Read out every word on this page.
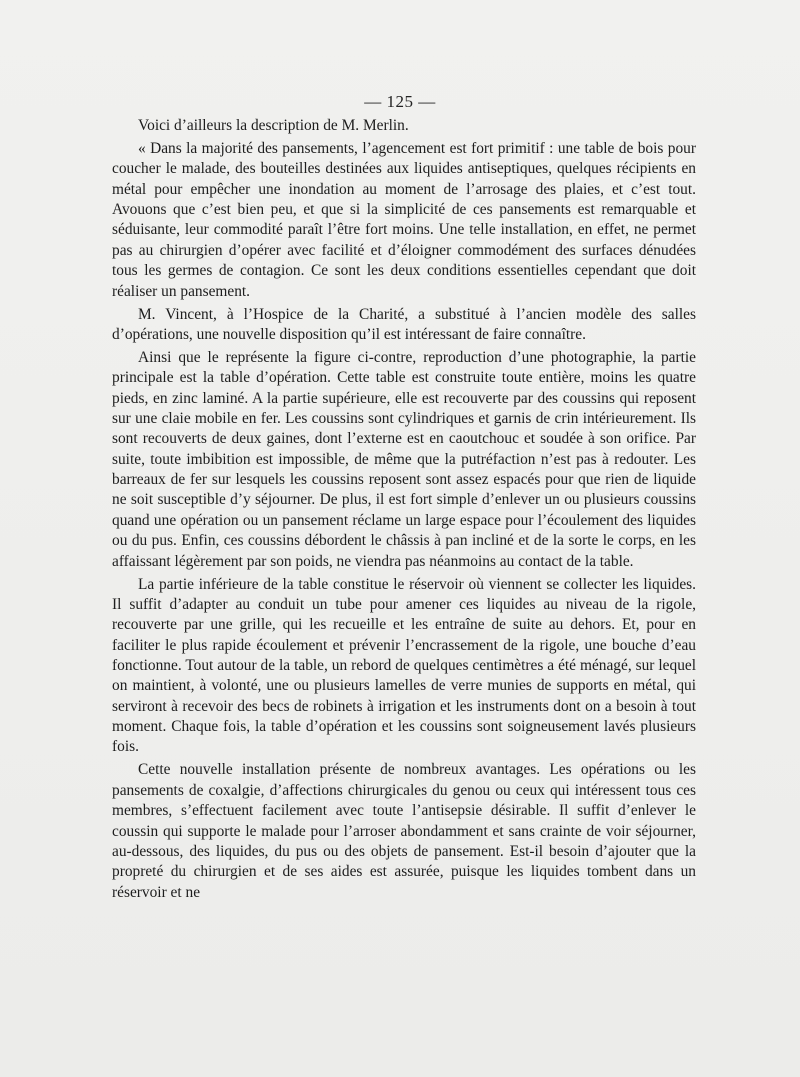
— 125 —

Voici d’ailleurs la description de M. Merlin.

« Dans la majorité des pansements, l’agencement est fort primitif : une table de bois pour coucher le malade, des bouteilles destinées aux liquides antiseptiques, quelques récipients en métal pour empêcher une inondation au moment de l’arrosage des plaies, et c’est tout. Avouons que c’est bien peu, et que si la simplicité de ces pansements est remarquable et séduisante, leur commodité paraît l’être fort moins. Une telle installation, en effet, ne permet pas au chirurgien d’opérer avec facilité et d’éloigner commodément des surfaces dénudées tous les germes de contagion. Ce sont les deux conditions essentielles cependant que doit réaliser un pansement.

M. Vincent, à l’Hospice de la Charité, a substitué à l’ancien modèle des salles d’opérations, une nouvelle disposition qu’il est intéressant de faire connaître.

Ainsi que le représente la figure ci-contre, reproduction d’une photographie, la partie principale est la table d’opération. Cette table est construite toute entière, moins les quatre pieds, en zinc laminé. A la partie supérieure, elle est recouverte par des coussins qui reposent sur une claie mobile en fer. Les coussins sont cylindriques et garnis de crin intérieurement. Ils sont recouverts de deux gaines, dont l’externe est en caoutchouc et soudée à son orifice. Par suite, toute imbibition est impossible, de même que la putréfaction n’est pas à redouter. Les barreaux de fer sur lesquels les coussins reposent sont assez espacés pour que rien de liquide ne soit susceptible d’y séjourner. De plus, il est fort simple d’enlever un ou plusieurs coussins quand une opération ou un pansement réclame un large espace pour l’écoulement des liquides ou du pus. Enfin, ces coussins débordent le châssis à pan incliné et de la sorte le corps, en les affaissant légèrement par son poids, ne viendra pas néanmoins au contact de la table.

La partie inférieure de la table constitue le réservoir où viennent se collecter les liquides. Il suffit d’adapter au conduit un tube pour amener ces liquides au niveau de la rigole, recouverte par une grille, qui les recueille et les entraîne de suite au dehors. Et, pour en faciliter le plus rapide écoulement et prévenir l’encrassement de la rigole, une bouche d’eau fonctionne. Tout autour de la table, un rebord de quelques centimètres a été ménagé, sur lequel on maintient, à volonté, une ou plusieurs lamelles de verre munies de supports en métal, qui serviront à recevoir des becs de robinets à irrigation et les instruments dont on a besoin à tout moment. Chaque fois, la table d’opération et les coussins sont soigneusement lavés plusieurs fois.

Cette nouvelle installation présente de nombreux avantages. Les opérations ou les pansements de coxalgie, d’affections chirurgicales du genou ou ceux qui intéressent tous ces membres, s’effectuent facilement avec toute l’antisepsie désirable. Il suffit d’enlever le coussin qui supporte le malade pour l’arroser abondamment et sans crainte de voir séjourner, au-dessous, des liquides, du pus ou des objets de pansement. Est-il besoin d’ajouter que la propreté du chirurgien et de ses aides est assurée, puisque les liquides tombent dans un réservoir et ne
